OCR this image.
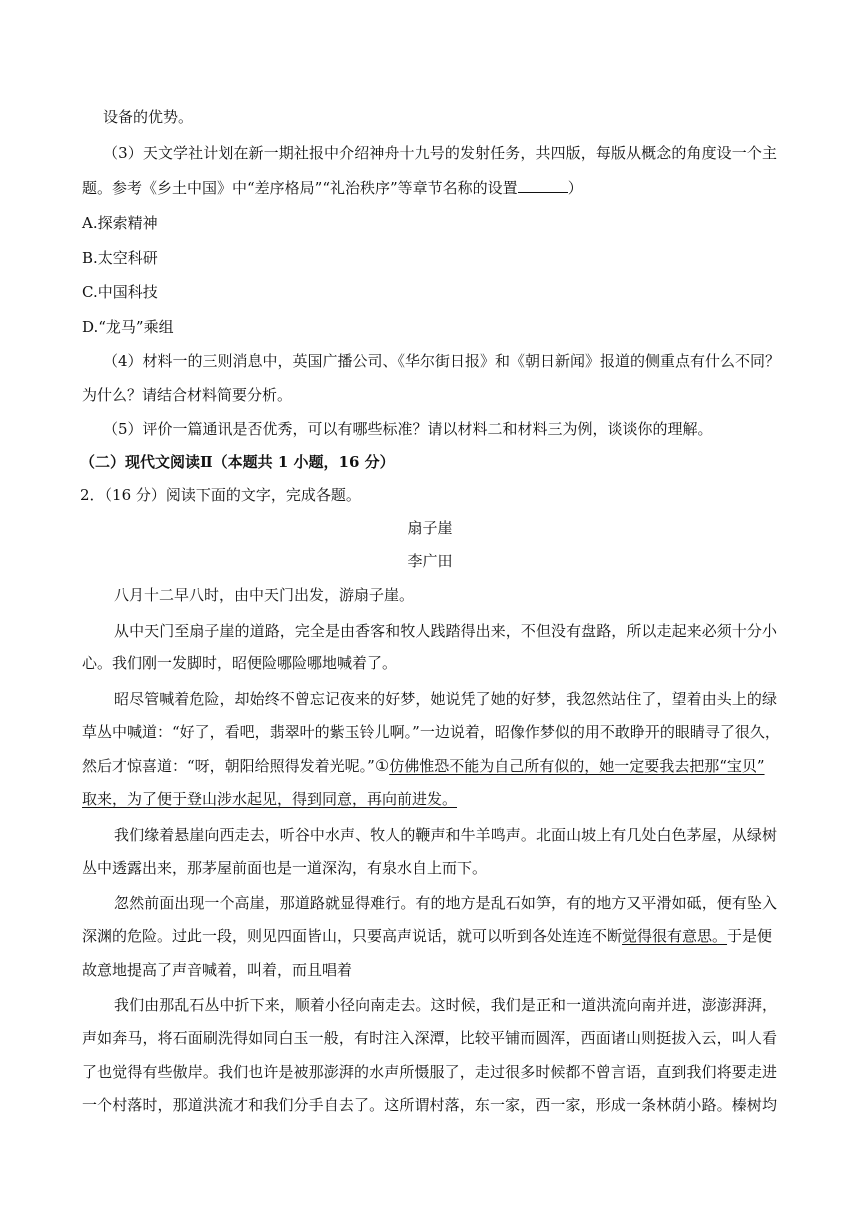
设备的优势。
（3）天文学社计划在新一期社报中介绍神舟十九号的发射任务，共四版，每版从概念的角度设一个主
题。参考《乡土中国》中“差序格局”“礼治秩序”等章节名称的设置	）
A.探索精神
B.太空科研
C.中国科技
D.“龙马”乘组
（4）材料一的三则消息中，英国广播公司、《华尔街日报》和《朝日新闻》报道的侧重点有什么不同？
为什么？请结合材料简要分析。
（5）评价一篇通讯是否优秀，可以有哪些标准？请以材料二和材料三为例，谈谈你的理解。
（二）现代文阅读Ⅱ（本题共 1 小题，16 分）
2．（16 分）阅读下面的文字，完成各题。
扇子崖
李广田
八月十二早八时，由中天门出发，游扇子崖。
从中天门至扇子崖的道路，完全是由香客和牧人践踏得出来，不但没有盘路，所以走起来必须十分小
心。我们刚一发脚时，昭便险哪险哪地喊着了。
昭尽管喊着危险，却始终不曾忘记夜来的好梦，她说凭了她的好梦，我忽然站住了，望着由头上的绿
草丛中喊道：“好了，看吧，翡翠叶的紫玉铃儿啊。”一边说着，昭像作梦似的用不敢睁开的眼睛寻了很久，
然后才惊喜道：“呀，朝阳给照得发着光呢。”①仿佛惟恐不能为自己所有似的，她一定要我去把那“宝贝”
取来，为了便于登山涉水起见，得到同意，再向前进发。
我们缘着悬崖向西走去，听谷中水声、牧人的鞭声和牛羊鸣声。北面山坡上有几处白色茅屋，从绿树
丛中透露出来，那茅屋前面也是一道深沟，有泉水自上而下。
忽然前面出现一个高崖，那道路就显得难行。有的地方是乱石如笋，有的地方又平滑如砥，便有坠入
深渊的危险。过此一段，则见四面皆山，只要高声说话，就可以听到各处连连不断觉得很有意思。于是便
故意地提高了声音喊着，叫着，而且唱着
我们由那乱石丛中折下来，顺着小径向南走去。这时候，我们是正和一道洪流向南并进，澎澎湃湃，
声如奔马，将石面刷洗得如同白玉一般，有时注入深潭，比较平铺而圆浑，西面诸山则挺拔入云，叫人看
了也觉得有些傲岸。我们也许是被那澎湃的水声所慑服了，走过很多时候都不曾言语，直到我们将要走进
一个村落时，那道洪流才和我们分手自去了。这所谓村落，东一家，西一家，形成一条林荫小路。榛树均
